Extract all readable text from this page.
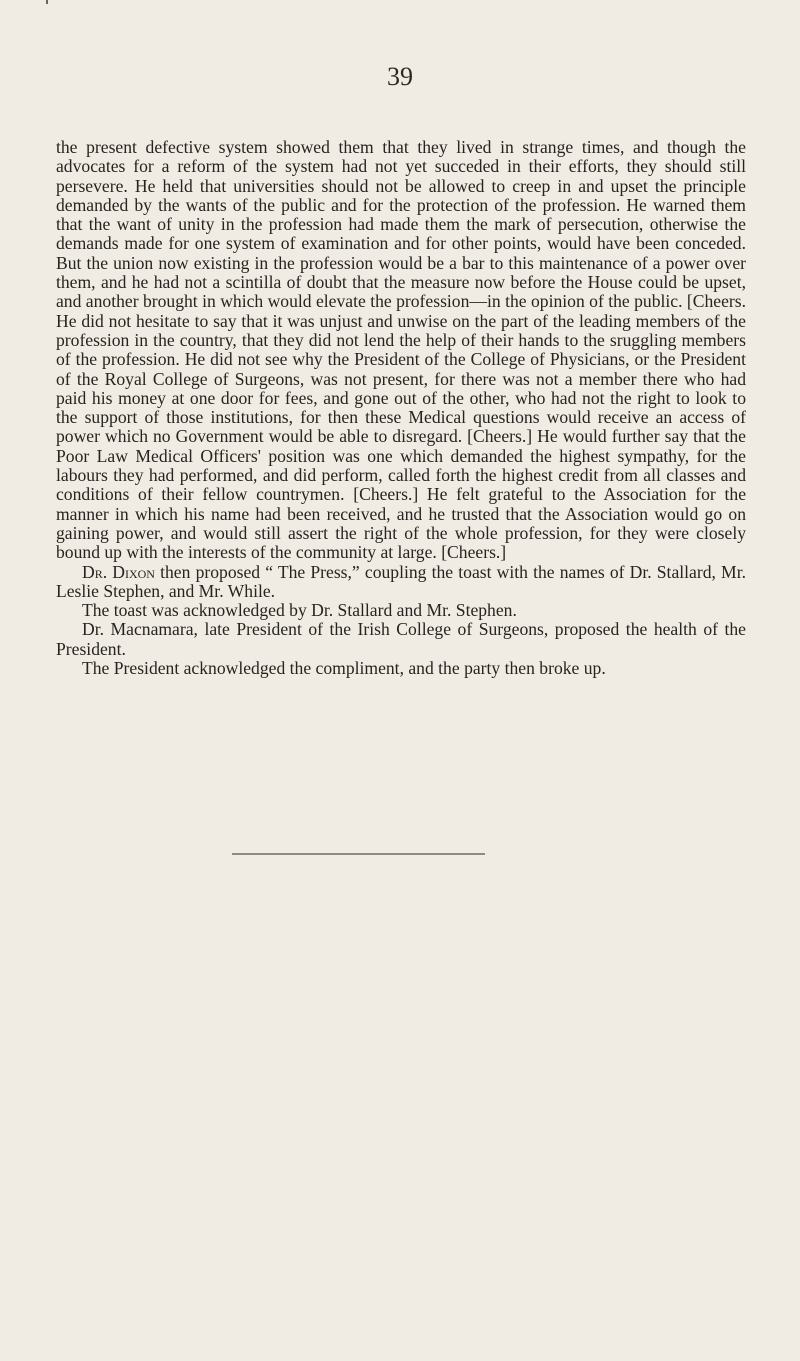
39

the present defective system showed them that they lived in strange times, and though the advocates for a reform of the system had not yet succeded in their efforts, they should still persevere. He held that universities should not be allowed to creep in and upset the principle demanded by the wants of the public and for the protection of the profession. He warned them that the want of unity in the profession had made them the mark of persecution, otherwise the demands made for one system of examination and for other points, would have been conceded. But the union now existing in the profession would be a bar to this maintenance of a power over them, and he had not a scintilla of doubt that the measure now before the House could be upset, and another brought in which would elevate the profession—in the opinion of the public. [Cheers. He did not hesitate to say that it was unjust and unwise on the part of the leading members of the profession in the country, that they did not lend the help of their hands to the sruggling members of the profession. He did not see why the President of the College of Physicians, or the President of the Royal College of Surgeons, was not present, for there was not a member there who had paid his money at one door for fees, and gone out of the other, who had not the right to look to the support of those institutions, for then these Medical questions would receive an access of power which no Government would be able to disregard. [Cheers.] He would further say that the Poor Law Medical Officers' position was one which demanded the highest sympathy, for the labours they had performed, and did perform, called forth the highest credit from all classes and conditions of their fellow countrymen. [Cheers.] He felt grateful to the Association for the manner in which his name had been received, and he trusted that the Association would go on gaining power, and would still assert the right of the whole profession, for they were closely bound up with the interests of the community at large. [Cheers.]

Dr. Dixon then proposed “ The Press,” coupling the toast with the names of Dr. Stallard, Mr. Leslie Stephen, and Mr. While.

The toast was acknowledged by Dr. Stallard and Mr. Stephen.

Dr. Macnamara, late President of the Irish College of Surgeons, proposed the health of the President.

The President acknowledged the compliment, and the party then broke up.
